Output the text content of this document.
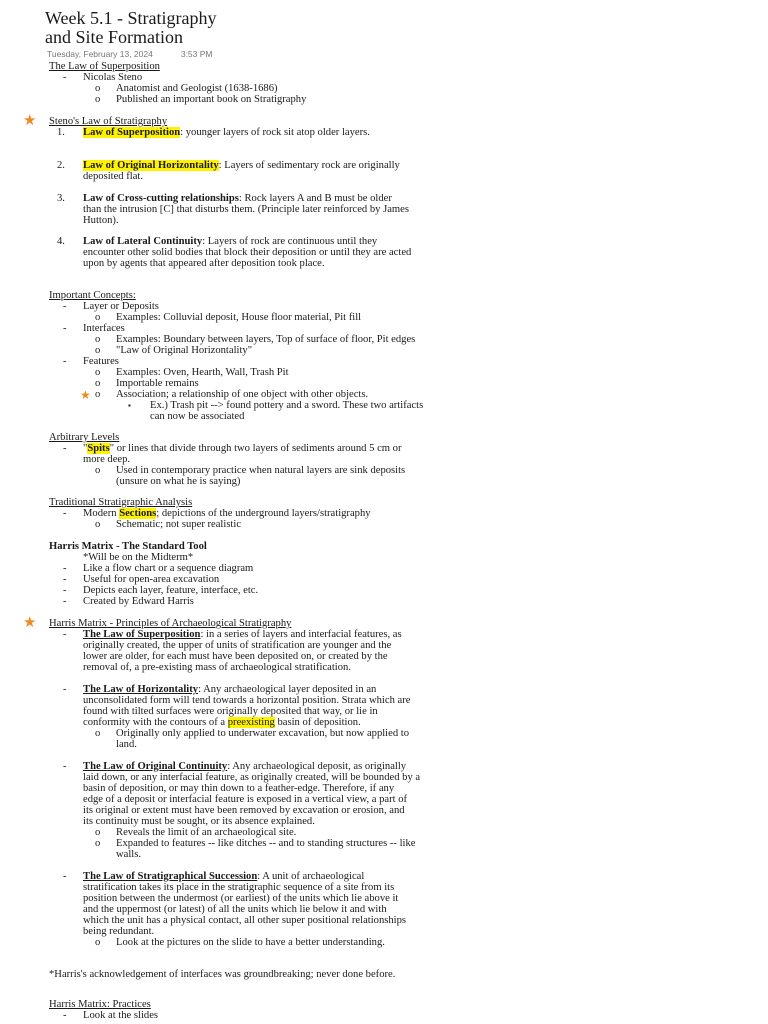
Week 5.1 - Stratigraphy
and Site Formation
Tuesday, February 13, 2024	3:53 PM
The Law of Superposition
- Nicolas Steno
o Anatomist and Geologist (1638-1686)
o Published an important book on Stratigraphy
★ Steno's Law of Stratigraphy
1. Law of Superposition: younger layers of rock sit atop older layers.
2. Law of Original Horizontality: Layers of sedimentary rock are originally
deposited flat.
3. Law of Cross-cutting relationships: Rock layers A and B must be older
than the intrusion [C] that disturbs them. (Principle later reinforced by James
Hutton).
4. Law of Lateral Continuity: Layers of rock are continuous until they
encounter other solid bodies that block their deposition or until they are acted
upon by agents that appeared after deposition took place.
Important Concepts:
- Layer or Deposits
o Examples: Colluvial deposit, House floor material, Pit fill
- Interfaces
o Examples: Boundary between layers, Top of surface of floor, Pit edges
o "Law of Original Horizontality"
- Features
o Examples: Oven, Hearth, Wall, Trash Pit
o Importable remains
★ o Association; a relationship of one object with other objects.
▪ Ex.) Trash pit --> found pottery and a sword. These two artifacts
can now be associated
Arbitrary Levels
- "Spits" or lines that divide through two layers of sediments around 5 cm or
more deep.
o Used in contemporary practice when natural layers are sink deposits
(unsure on what he is saying)
Traditional Stratigraphic Analysis
- Modern Sections; depictions of the underground layers/stratigraphy
o Schematic; not super realistic
Harris Matrix - The Standard Tool
*Will be on the Midterm*
- Like a flow chart or a sequence diagram
- Useful for open-area excavation
- Depicts each layer, feature, interface, etc.
- Created by Edward Harris
★ Harris Matrix - Principles of Archaeological Stratigraphy
- The Law of Superposition: in a series of layers and interfacial features, as
originally created, the upper of units of stratification are younger and the
lower are older, for each must have been deposited on, or created by the
removal of, a pre-existing mass of archaeological stratification.
- The Law of Horizontality: Any archaeological layer deposited in an
unconsolidated form will tend towards a horizontal position. Strata which are
found with tilted surfaces were originally deposited that way, or lie in
conformity with the contours of a preexisting basin of deposition.
o Originally only applied to underwater excavation, but now applied to
land.
- The Law of Original Continuity: Any archaeological deposit, as originally
laid down, or any interfacial feature, as originally created, will be bounded by a
basin of deposition, or may thin down to a feather-edge. Therefore, if any
edge of a deposit or interfacial feature is exposed in a vertical view, a part of
its original or extent must have been removed by excavation or erosion, and
its continuity must be sought, or its absence explained.
o Reveals the limit of an archaeological site.
o Expanded to features -- like ditches -- and to standing structures -- like
walls.
- The Law of Stratigraphical Succession: A unit of archaeological
stratification takes its place in the stratigraphic sequence of a site from its
position between the undermost (or earliest) of the units which lie above it
and the uppermost (or latest) of all the units which lie below it and with
which the unit has a physical contact, all other super positional relationships
being redundant.
o Look at the pictures on the slide to have a better understanding.
*Harris's acknowledgement of interfaces was groundbreaking; never done before.
Harris Matrix: Practices
- Look at the slides
